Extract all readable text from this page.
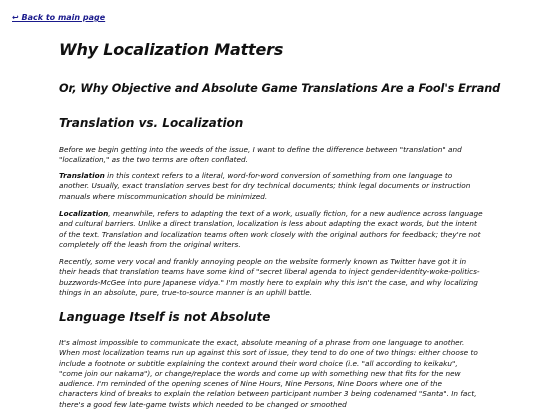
↩ Back to main page
Why Localization Matters
Or, Why Objective and Absolute Game Translations Are a Fool's Errand
Translation vs. Localization

Before we begin getting into the weeds of the issue, I want to define the difference between "translation" and "localization," as the two terms are often conflated.

Translation in this context refers to a literal, word-for-word conversion of something from one language to another. Usually, exact translation serves best for dry technical documents; think legal documents or instruction manuals where miscommunication should be minimized.

Localization, meanwhile, refers to adapting the text of a work, usually fiction, for a new audience across language and cultural barriers. Unlike a direct translation, localization is less about adapting the exact words, but the intent of the text. Translation and localization teams often work closely with the original authors for feedback; they're not completely off the leash from the original writers.

Recently, some very vocal and frankly annoying people on the website formerly known as Twitter have got it in their heads that translation teams have some kind of "secret liberal agenda to inject gender-identity-woke-politics-buzzwords-McGee into pure Japanese vidya." I'm mostly here to explain why this isn't the case, and why localizing things in an absolute, pure, true-to-source manner is an uphill battle.

Language Itself is not Absolute

It's almost impossible to communicate the exact, absolute meaning of a phrase from one language to another. When most localization teams run up against this sort of issue, they tend to do one of two things: either choose to include a footnote or subtitle explaining the context around their word choice (i.e. "all according to keikaku", "come join our nakama"), or change/replace the words and come up with something new that fits for the new audience. I'm reminded of the opening scenes of Nine Hours, Nine Persons, Nine Doors where one of the characters kind of breaks to explain the relation between participant number 3 being codenamed "Santa". In fact, there's a good few late-game twists which needed to be changed or smoothed
